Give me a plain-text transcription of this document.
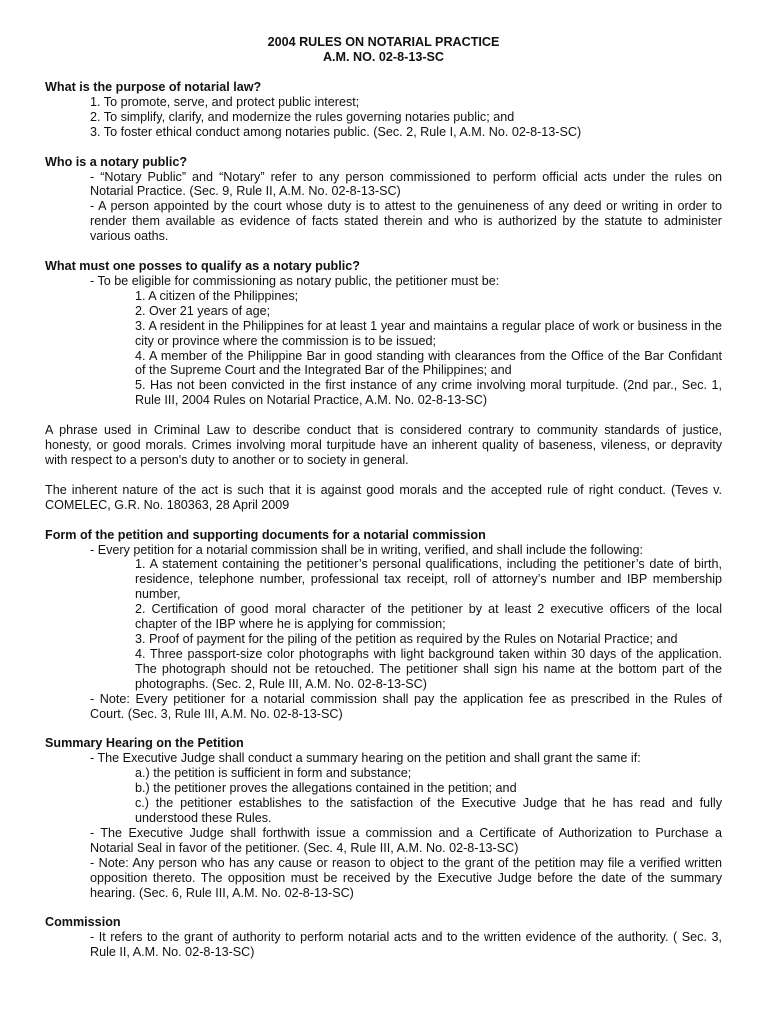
2004 RULES ON NOTARIAL PRACTICE
A.M. NO. 02-8-13-SC
What is the purpose of notarial law?

1. To promote, serve, and protect public interest;

2. To simplify, clarify, and modernize the rules governing notaries public; and

3. To foster ethical conduct among notaries public. (Sec. 2, Rule I, A.M. No. 02-8-13-SC)

Who is a notary public?

- “Notary Public” and “Notary” refer to any person commissioned to perform official acts under the rules on Notarial Practice. (Sec. 9, Rule II, A.M. No. 02-8-13-SC)

- A person appointed by the court whose duty is to attest to the genuineness of any deed or writing in order to render them available as evidence of facts stated therein and who is authorized by the statute to administer various oaths.

What must one posses to qualify as a notary public?

- To be eligible for commissioning as notary public, the petitioner must be:

1. A citizen of the Philippines;

2. Over 21 years of age;

3. A resident in the Philippines for at least 1 year and maintains a regular place of work or business in the city or province where the commission is to be issued;

4. A member of the Philippine Bar in good standing with clearances from the Office of the Bar Confidant of the Supreme Court and the Integrated Bar of the Philippines; and

5. Has not been convicted in the first instance of any crime involving moral turpitude. (2nd par., Sec. 1, Rule III, 2004 Rules on Notarial Practice, A.M. No. 02-8-13-SC)

A phrase used in Criminal Law to describe conduct that is considered contrary to community standards of justice, honesty, or good morals. Crimes involving moral turpitude have an inherent quality of baseness, vileness, or depravity with respect to a person's duty to another or to society in general.

The inherent nature of the act is such that it is against good morals and the accepted rule of right conduct. (Teves v. COMELEC, G.R. No. 180363, 28 April 2009

Form of the petition and supporting documents for a notarial commission

- Every petition for a notarial commission shall be in writing, verified, and shall include the following:

1. A statement containing the petitioner’s personal qualifications, including the petitioner’s date of birth, residence, telephone number, professional tax receipt, roll of attorney’s number and IBP membership number,

2. Certification of good moral character of the petitioner by at least 2 executive officers of the local chapter of the IBP where he is applying for commission;

3. Proof of payment for the piling of the petition as required by the Rules on Notarial Practice; and

4. Three passport-size color photographs with light background taken within 30 days of the application. The photograph should not be retouched. The petitioner shall sign his name at the bottom part of the photographs. (Sec. 2, Rule III, A.M. No. 02-8-13-SC)

- Note: Every petitioner for a notarial commission shall pay the application fee as prescribed in the Rules of Court. (Sec. 3, Rule III, A.M. No. 02-8-13-SC)

Summary Hearing on the Petition

- The Executive Judge shall conduct a summary hearing on the petition and shall grant the same if:

a.) the petition is sufficient in form and substance;

b.) the petitioner proves the allegations contained in the petition; and

c.) the petitioner establishes to the satisfaction of the Executive Judge that he has read and fully understood these Rules.

- The Executive Judge shall forthwith issue a commission and a Certificate of Authorization to Purchase a Notarial Seal in favor of the petitioner. (Sec. 4, Rule III, A.M. No. 02-8-13-SC)

- Note: Any person who has any cause or reason to object to the grant of the petition may file a verified written opposition thereto. The opposition must be received by the Executive Judge before the date of the summary hearing. (Sec. 6, Rule III, A.M. No. 02-8-13-SC)

Commission

- It refers to the grant of authority to perform notarial acts and to the written evidence of the authority. ( Sec. 3, Rule II, A.M. No. 02-8-13-SC)
